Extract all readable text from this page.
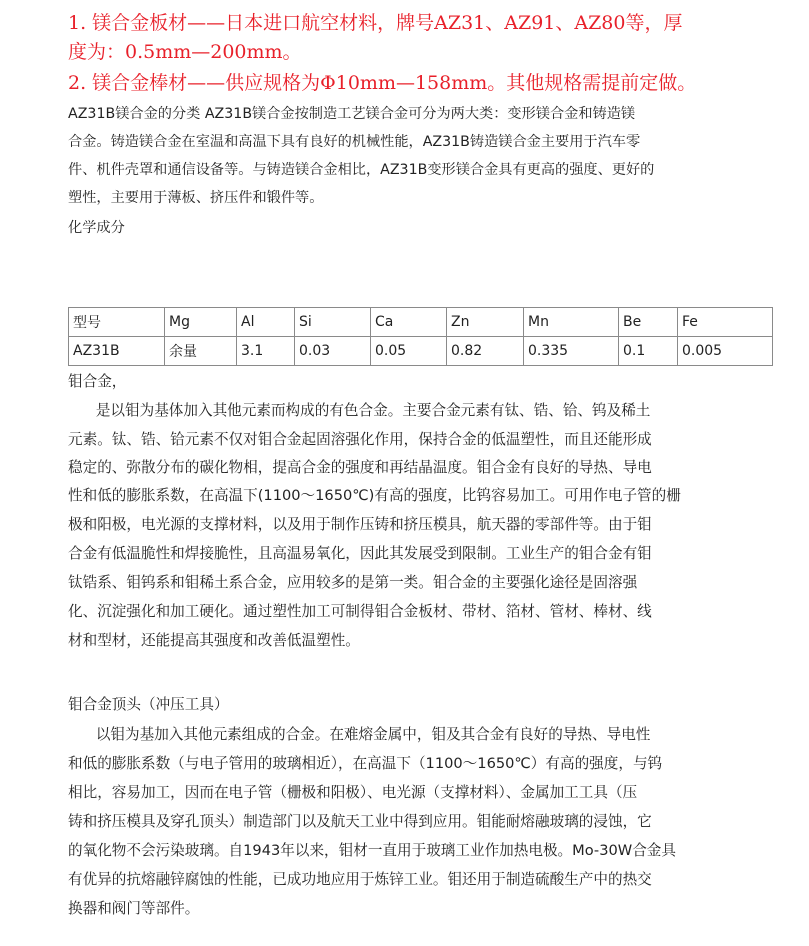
1. 镁合金板材——日本进口航空材料，牌号AZ31、AZ91、AZ80等，厚
度为：0.5mm—200mm。
2. 镁合金棒材——供应规格为Φ10mm—158mm。其他规格需提前定做。
AZ31B镁合金的分类 AZ31B镁合金按制造工艺镁合金可分为两大类：变形镁合金和铸造镁
合金。铸造镁合金在室温和高温下具有良好的机械性能，AZ31B铸造镁合金主要用于汽车零
件、机件壳罩和通信设备等。与铸造镁合金相比，AZ31B变形镁合金具有更高的强度、更好的
塑性，主要用于薄板、挤压件和锻件等。
化学成分
型号	Mg	Al	Si	Ca	Zn	Mn	Be	Fe
AZ31B	余量	3.1	0.03	0.05	0.82	0.335	0.1	0.005
钼合金，
是以钼为基体加入其他元素而构成的有色合金。主要合金元素有钛、锆、铪、钨及稀土
元素。钛、锆、铪元素不仅对钼合金起固溶强化作用，保持合金的低温塑性，而且还能形成
稳定的、弥散分布的碳化物相，提高合金的强度和再结晶温度。钼合金有良好的导热、导电
性和低的膨胀系数，在高温下(1100～1650℃)有高的强度，比钨容易加工。可用作电子管的栅
极和阳极，电光源的支撑材料，以及用于制作压铸和挤压模具，航天器的零部件等。由于钼
合金有低温脆性和焊接脆性，且高温易氧化，因此其发展受到限制。工业生产的钼合金有钼
钛锆系、钼钨系和钼稀土系合金，应用较多的是第一类。钼合金的主要强化途径是固溶强
化、沉淀强化和加工硬化。通过塑性加工可制得钼合金板材、带材、箔材、管材、棒材、线
材和型材，还能提高其强度和改善低温塑性。
钼合金顶头（冲压工具）
以钼为基加入其他元素组成的合金。在难熔金属中，钼及其合金有良好的导热、导电性
和低的膨胀系数（与电子管用的玻璃相近），在高温下（1100～1650℃）有高的强度，与钨
相比，容易加工，因而在电子管（栅极和阳极）、电光源（支撑材料）、金属加工工具（压
铸和挤压模具及穿孔顶头）制造部门以及航天工业中得到应用。钼能耐熔融玻璃的浸蚀，它
的氧化物不会污染玻璃。自1943年以来，钼材一直用于玻璃工业作加热电极。Mo-30W合金具
有优异的抗熔融锌腐蚀的性能，已成功地应用于炼锌工业。钼还用于制造硫酸生产中的热交
换器和阀门等部件。
